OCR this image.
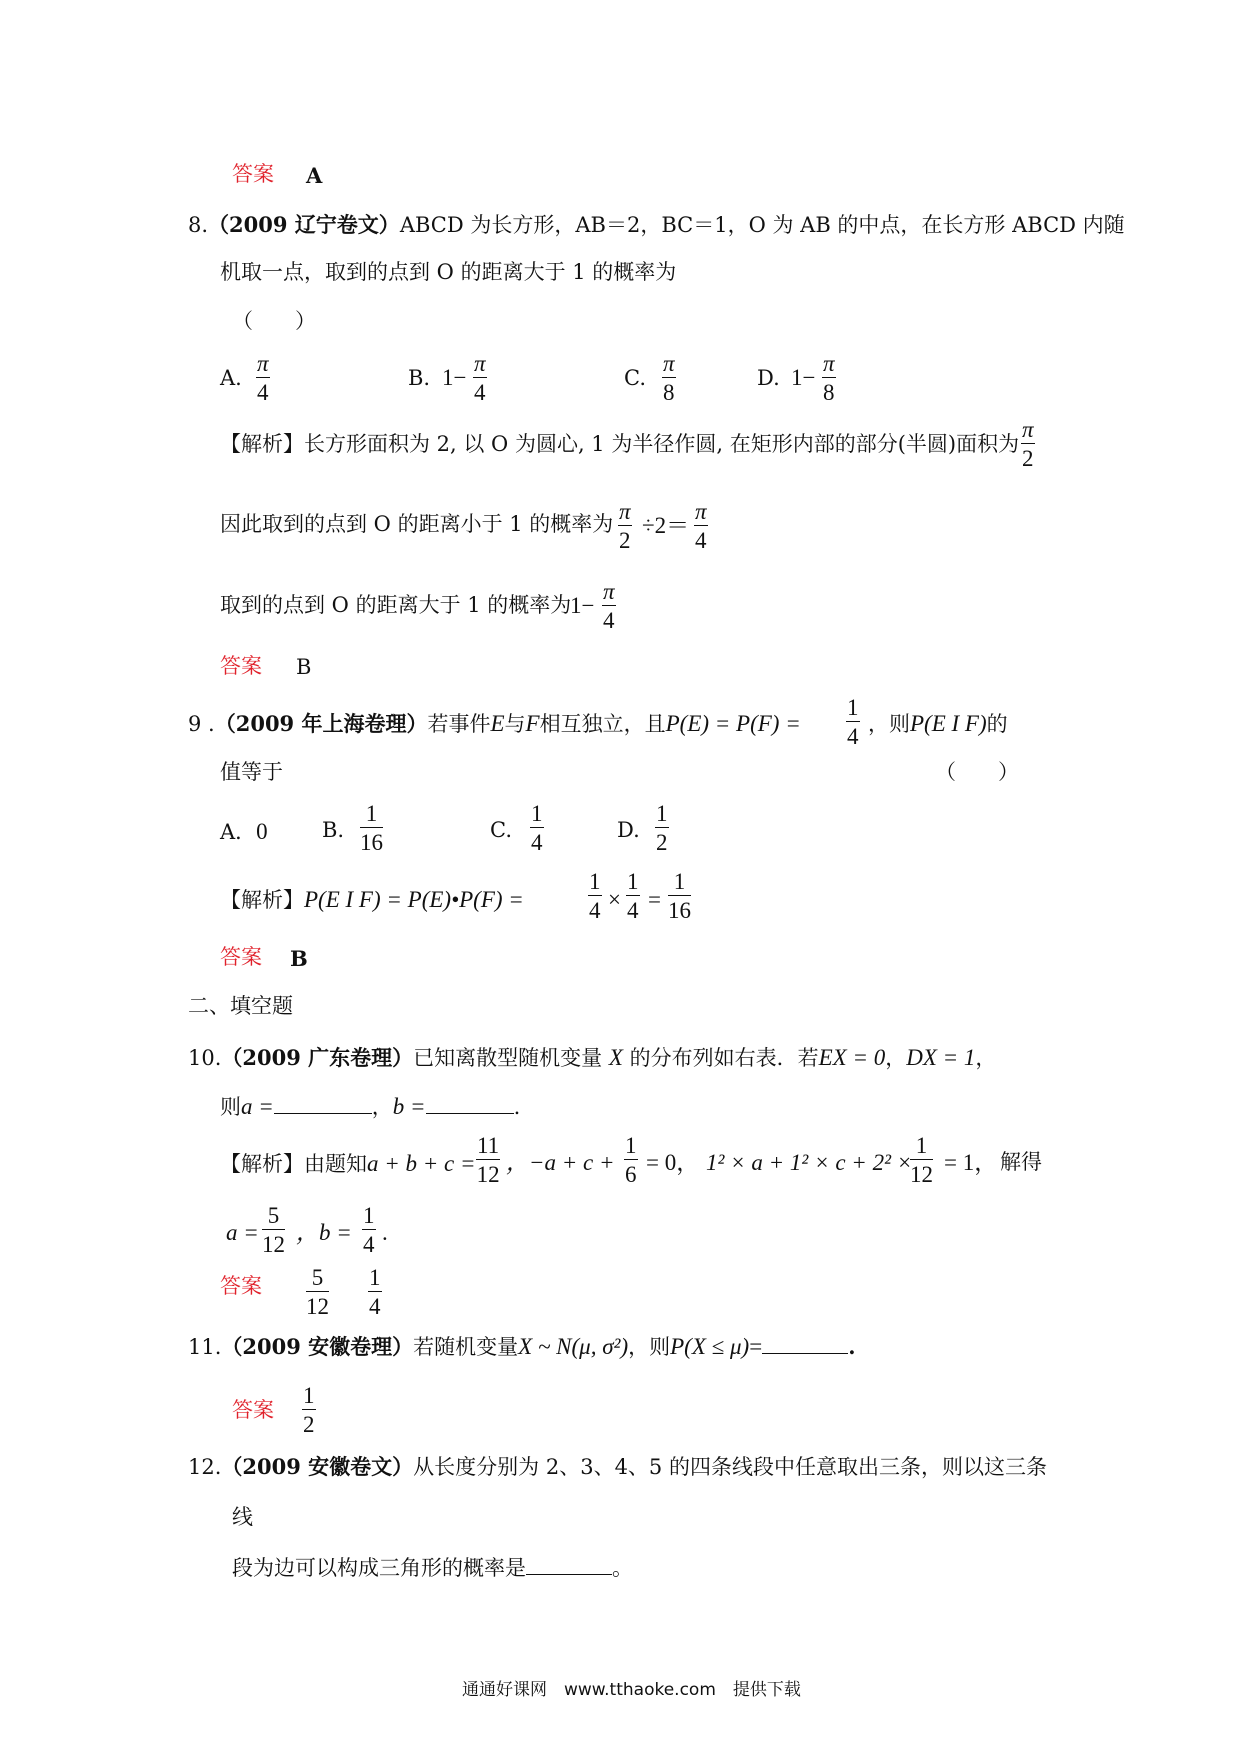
答案 A
8.（2009 辽宁卷文）ABCD 为长方形，AB＝2，BC＝1，O 为 AB 的中点，在长方形 ABCD 内随
机取一点，取到的点到 O 的距离大于 1 的概率为
（　　）
A.
π
4
B. 1−
π
4
C.
π
8
D. 1−
π
8
【解析】长方形面积为 2, 以 O 为圆心, 1 为半径作圆, 在矩形内部的部分(半圆)面积为
π
2
因此取到的点到 O 的距离小于 1 的概率为 π
2
÷2＝
π
4
取到的点到 O 的距离大于 1 的概率为
1−
π
4
答案 B
9 .（2009 年上海卷理）若事件E与F相互独立，且P(E) = P(F) =
1
4 ，则P(E I F)的
值等于	（　　）
A．0	B.
1
16	C.
1
4	D.
1
2
【解析】P(E I F) = P(E)•P(F) =
1
4 ×
1
4 =
1
16
答案 B
二、填空题
10.（2009 广东卷理）已知离散型随机变量 X 的分布列如右表．若EX = 0，DX = 1，
则a =	，b =	.
【解析】由题知a + b + c =
11
12 ，−a + c +
1
6 = 0， 1² × a + 1² × c + 2² ×
1
12 = 1， 解得
a =
5
12 ，b =
1
4 .
答案 5
12
1
4
11.（2009 安徽卷理）若随机变量X ~ N(μ, σ²)，则P(X ≤ μ)=	.
答案
1
2
12.（2009 安徽卷文）从长度分别为 2、3、4、5 的四条线段中任意取出三条，则以这三条
线
段为边可以构成三角形的概率是	。
通通好课网　www.tthaoke.com　提供下载
